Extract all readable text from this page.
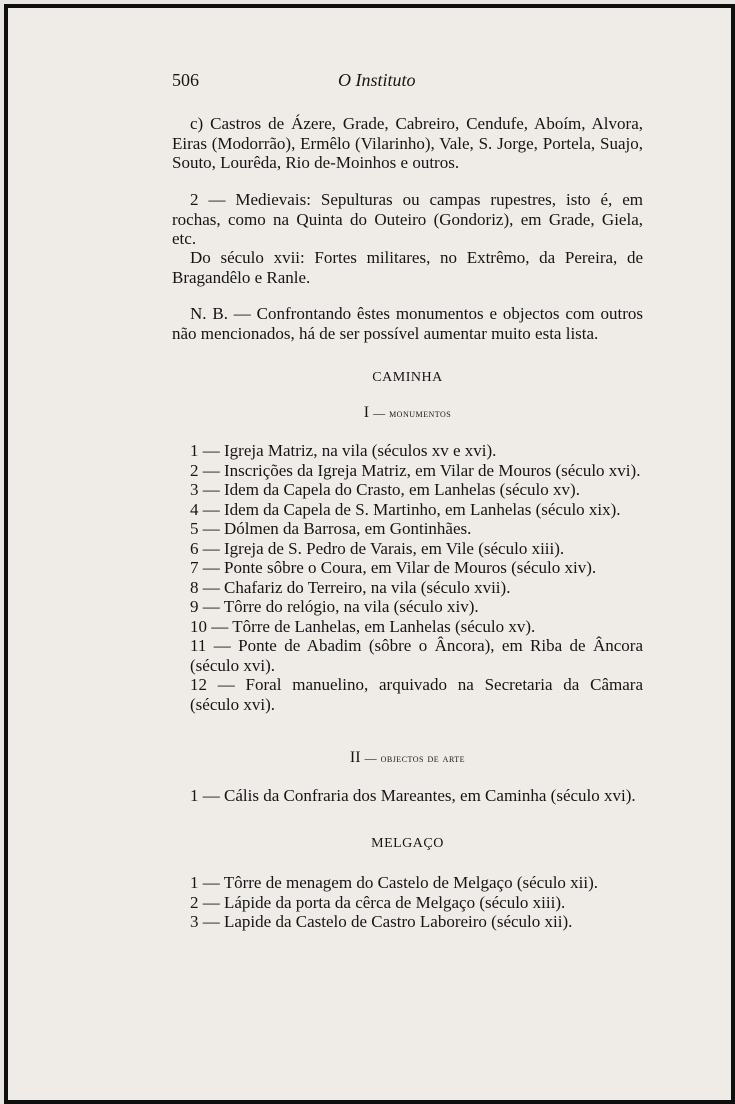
506	O Instituto
c) Castros de Ázere, Grade, Cabreiro, Cendufe, Aboím, Alvora, Eiras (Modorrão), Ermêlo (Vilarinho), Vale, S. Jorge, Portela, Suajo, Souto, Lourêda, Rio de-Moinhos e outros.
2 — Medievais: Sepulturas ou campas rupestres, isto é, em rochas, como na Quinta do Outeiro (Gondoriz), em Grade, Giela, etc.
Do século xvii: Fortes militares, no Extrêmo, da Pereira, de Bragandêlo e Ranle.
N. B. — Confrontando êstes monumentos e objectos com outros não mencionados, há de ser possível aumentar muito esta lista.
CAMINHA
I — monumentos
1 — Igreja Matriz, na vila (séculos xv e xvi).
2 — Inscrições da Igreja Matriz, em Vilar de Mouros (século xvi).
3 — Idem da Capela do Crasto, em Lanhelas (século xv).
4 — Idem da Capela de S. Martinho, em Lanhelas (século xix).
5 — Dólmen da Barrosa, em Gontinhães.
6 — Igreja de S. Pedro de Varais, em Vile (século xiii).
7 — Ponte sôbre o Coura, em Vilar de Mouros (século xiv).
8 — Chafariz do Terreiro, na vila (século xvii).
9 — Tôrre do relógio, na vila (século xiv).
10 — Tôrre de Lanhelas, em Lanhelas (século xv).
11 — Ponte de Abadim (sôbre o Âncora), em Riba de Âncora (século xvi).
12 — Foral manuelino, arquivado na Secretaria da Câmara (século xvi).
II — objectos de arte
1 — Cális da Confraria dos Mareantes, em Caminha (século xvi).
MELGAÇO
1 — Tôrre de menagem do Castelo de Melgaço (século xii).
2 — Lápide da porta da cêrca de Melgaço (século xiii).
3 — Lapide da Castelo de Castro Laboreiro (século xii).
